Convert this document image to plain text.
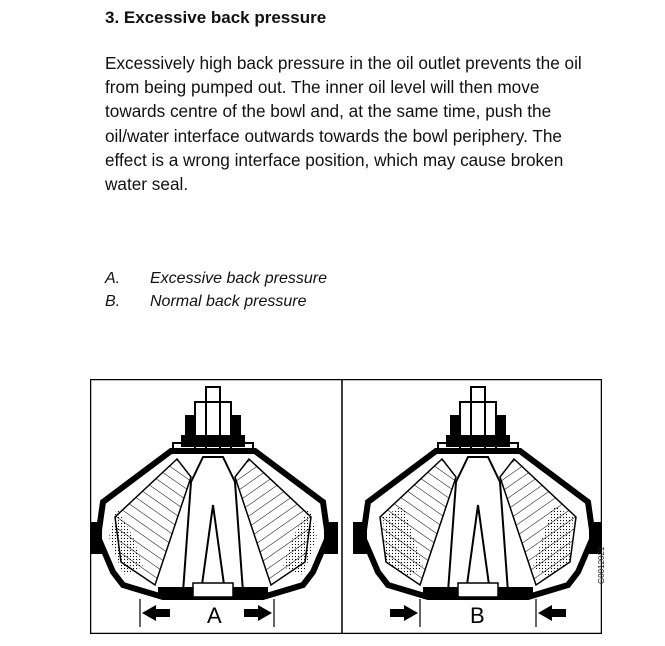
3. Excessive back pressure

Excessively high back pressure in the oil outlet prevents the oil from being pumped out. The inner oil level will then move towards centre of the bowl and, at the same time, push the oil/water interface outwards towards the bowl periphery. The effect is a wrong interface position, which may cause broken water seal.

A.	Excessive back pressure
B.	Normal back pressure
A	B
G0012021
